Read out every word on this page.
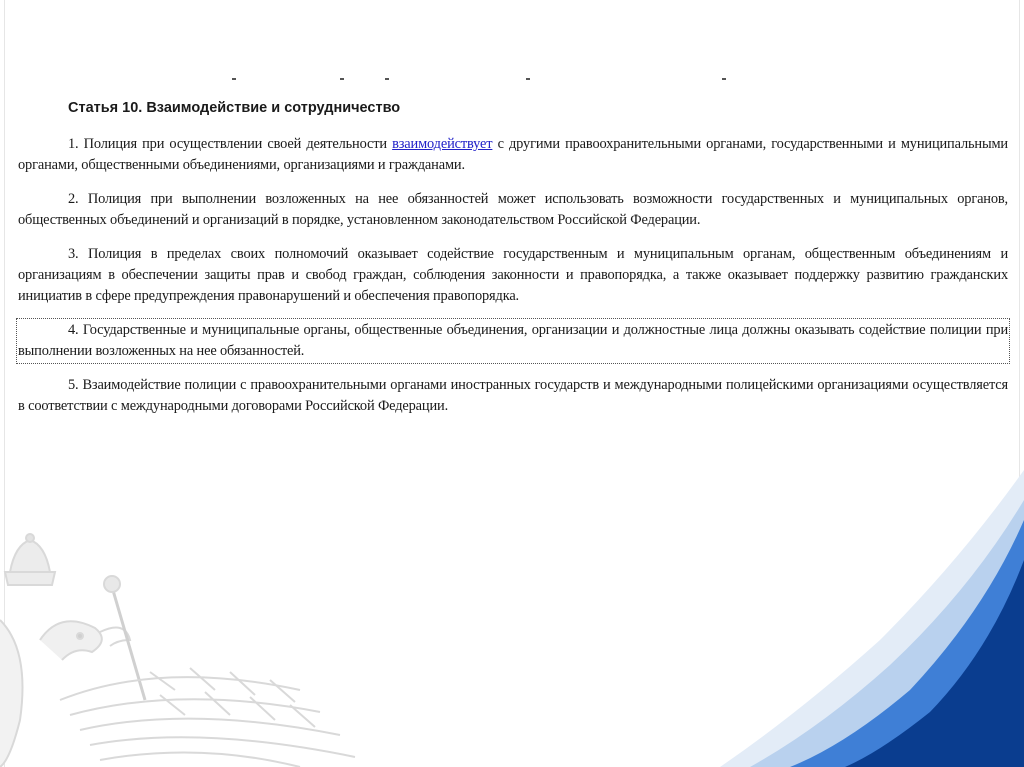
Статья 10. Взаимодействие и сотрудничество

1. Полиция при осуществлении своей деятельности взаимодействует с другими правоохранительными органами, государственными и муниципальными органами, общественными объединениями, организациями и гражданами.

2. Полиция при выполнении возложенных на нее обязанностей может использовать возможности государственных и муниципальных органов, общественных объединений и организаций в порядке, установленном законодательством Российской Федерации.

3. Полиция в пределах своих полномочий оказывает содействие государственным и муниципальным органам, общественным объединениям и организациям в обеспечении защиты прав и свобод граждан, соблюдения законности и правопорядка, а также оказывает поддержку развитию гражданских инициатив в сфере предупреждения правонарушений и обеспечения правопорядка.

4. Государственные и муниципальные органы, общественные объединения, организации и должностные лица должны оказывать содействие полиции при выполнении возложенных на нее обязанностей.

5. Взаимодействие полиции с правоохранительными органами иностранных государств и международными полицейскими организациями осуществляется в соответствии с международными договорами Российской Федерации.
